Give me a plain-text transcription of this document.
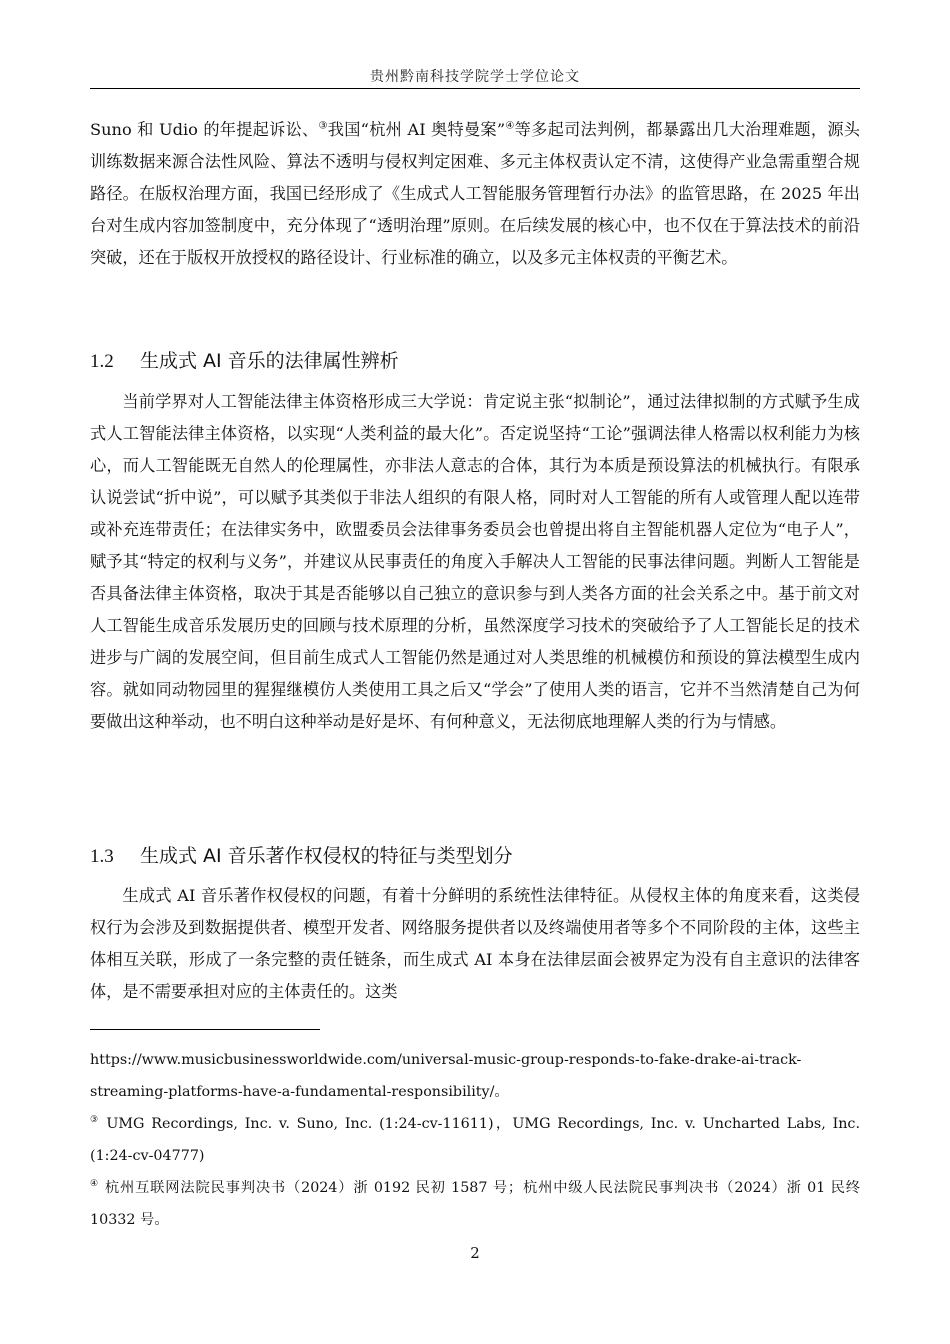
贵州黔南科技学院学士学位论文

Suno 和 Udio 的年提起诉讼、③我国“杭州 AI 奥特曼案”④等多起司法判例，都暴露出几大治理难题，源头训练数据来源合法性风险、算法不透明与侵权判定困难、多元主体权责认定不清，这使得产业急需重塑合规路径。在版权治理方面，我国已经形成了《生成式人工智能服务管理暂行办法》的监管思路，在 2025 年出台对生成内容加签制度中，充分体现了“透明治理”原则。在后续发展的核心中，也不仅在于算法技术的前沿突破，还在于版权开放授权的路径设计、行业标准的确立，以及多元主体权责的平衡艺术。

1.2 生成式 AI 音乐的法律属性辨析

当前学界对人工智能法律主体资格形成三大学说：肯定说主张“拟制论”，通过法律拟制的方式赋予生成式人工智能法律主体资格，以实现“人类利益的最大化”。否定说坚持“工论”强调法律人格需以权利能力为核心，而人工智能既无自然人的伦理属性，亦非法人意志的合体，其行为本质是预设算法的机械执行。有限承认说尝试“折中说”，可以赋予其类似于非法人组织的有限人格，同时对人工智能的所有人或管理人配以连带或补充连带责任；在法律实务中，欧盟委员会法律事务委员会也曾提出将自主智能机器人定位为“电子人”，赋予其“特定的权利与义务”，并建议从民事责任的角度入手解决人工智能的民事法律问题。判断人工智能是否具备法律主体资格，取决于其是否能够以自己独立的意识参与到人类各方面的社会关系之中。基于前文对人工智能生成音乐发展历史的回顾与技术原理的分析，虽然深度学习技术的突破给予了人工智能长足的技术进步与广阔的发展空间，但目前生成式人工智能仍然是通过对人类思维的机械模仿和预设的算法模型生成内容。就如同动物园里的猩猩继模仿人类使用工具之后又“学会”了使用人类的语言，它并不当然清楚自己为何要做出这种举动，也不明白这种举动是好是坏、有何种意义，无法彻底地理解人类的行为与情感。

1.3 生成式 AI 音乐著作权侵权的特征与类型划分

生成式 AI 音乐著作权侵权的问题，有着十分鲜明的系统性法律特征。从侵权主体的角度来看，这类侵权行为会涉及到数据提供者、模型开发者、网络服务提供者以及终端使用者等多个不同阶段的主体，这些主体相互关联，形成了一条完整的责任链条，而生成式 AI 本身在法律层面会被界定为没有自主意识的法律客体，是不需要承担对应的主体责任的。这类

https://www.musicbusinessworldwide.com/universal-music-group-responds-to-fake-drake-ai-track-streaming-platforms-have-a-fundamental-responsibility/。

③ UMG Recordings, Inc. v. Suno, Inc. (1:24-cv-11611)，UMG Recordings, Inc. v. Uncharted Labs, Inc. (1:24-cv-04777)

④ 杭州互联网法院民事判决书（2024）浙 0192 民初 1587 号；杭州中级人民法院民事判决书（2024）浙 01 民终 10332 号。

2
